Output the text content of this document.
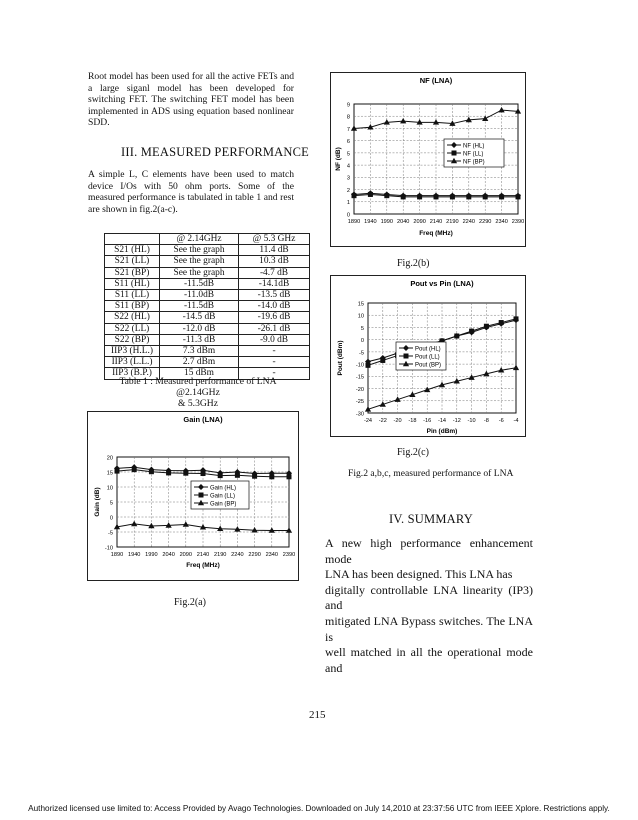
Root model has been used for all the active FETs and a large siganl model has been developed for switching FET. The switching FET model has been implemented in ADS using equation based nonlinear SDD.
III. MEASURED PERFORMANCE
A simple L, C elements have been used to match device I/Os with 50 ohm ports. Some of the measured performance is tabulated in table 1 and rest are shown in fig.2(a-c).
	@ 2.14GHz	@ 5.3 GHz
S21 (HL)	See the graph	11.4 dB
S21 (LL)	See the graph	10.3 dB
S21 (BP)	See the graph	-4.7 dB
S11 (HL)	-11.5dB	-14.1dB
S11 (LL)	-11.0dB	-13.5 dB
S11 (BP)	-11.5dB	-14.0 dB
S22 (HL)	-14.5 dB	-19.6 dB
S22 (LL)	-12.0 dB	-26.1 dB
S22 (BP)	-11.3 dB	-9.0 dB
IIP3 (H.L.)	7.3 dBm	-
IIP3 (L.L.)	2.7 dBm	-
IIP3 (B.P.)	15 dBm	-
Table 1 : Measured performance of LNA @2.14GHz
& 5.3GHz
Gain (LNA)
20
15
10
5
0
-5
-10
1890 1940 1990 2040 2090 2140 2190 2240 2290 2340 2390
Freq (MHz)
Gain (dB)	Gain (HL)
Gain (LL)
Gain (BP)
Fig.2(a)
NF (LNA)
9
8
7
6
5
4
3
2
1
0
1890 1940 1990 2040 2090 2140 2190 2240 2290 2340 2390
Freq (MHz)
NF (dB)
NF (HL)
NF (LL)
NF (BP)
Fig.2(b)
Pout vs Pin (LNA)
15
10
5
0
-5
-10
-15
-20
-25
-30
-24 -22 -20 -18 -16 -14 -12 -10 -8 -6 -4
Pin (dBm)
Pout (dBm)	Pout (HL)
Pout (LL)
Pout (BP)
Fig.2(c)
Fig.2 a,b,c, measured performance of LNA
IV. SUMMARY
A new high performance enhancement mode
LNA has been designed. This LNA has
digitally controllable LNA linearity (IP3) and
mitigated LNA Bypass switches. The LNA is
well matched in all the operational mode and
215
Authorized licensed use limited to: Access Provided by Avago Technologies. Downloaded on July 14,2010 at 23:37:56 UTC from IEEE Xplore. Restrictions apply.
